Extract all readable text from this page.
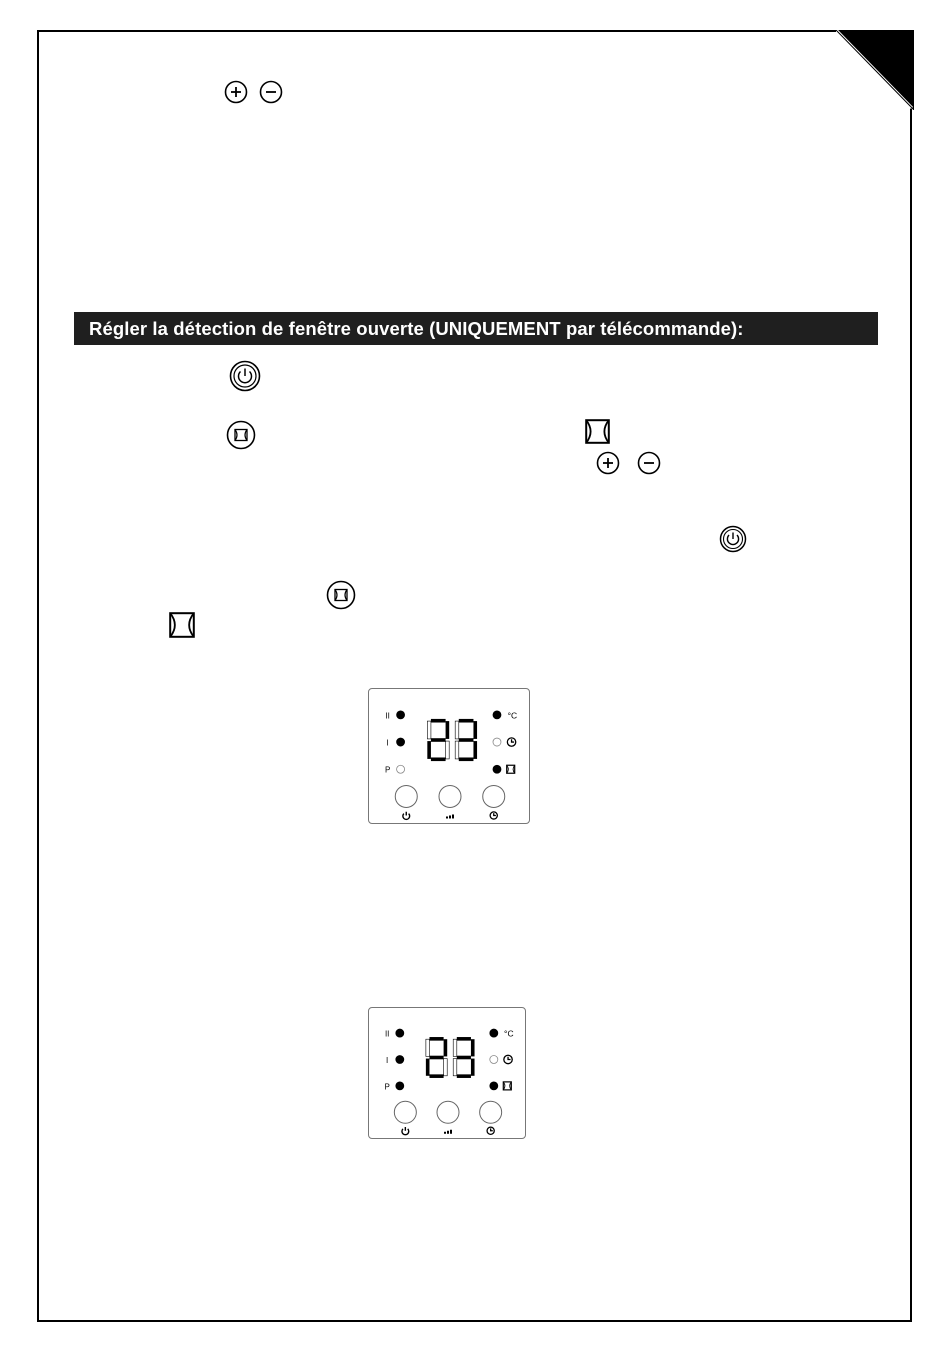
Régler la détection de fenêtre ouverte (UNIQUEMENT par télécommande):
II
I
P
°C
II
I
P
°C
